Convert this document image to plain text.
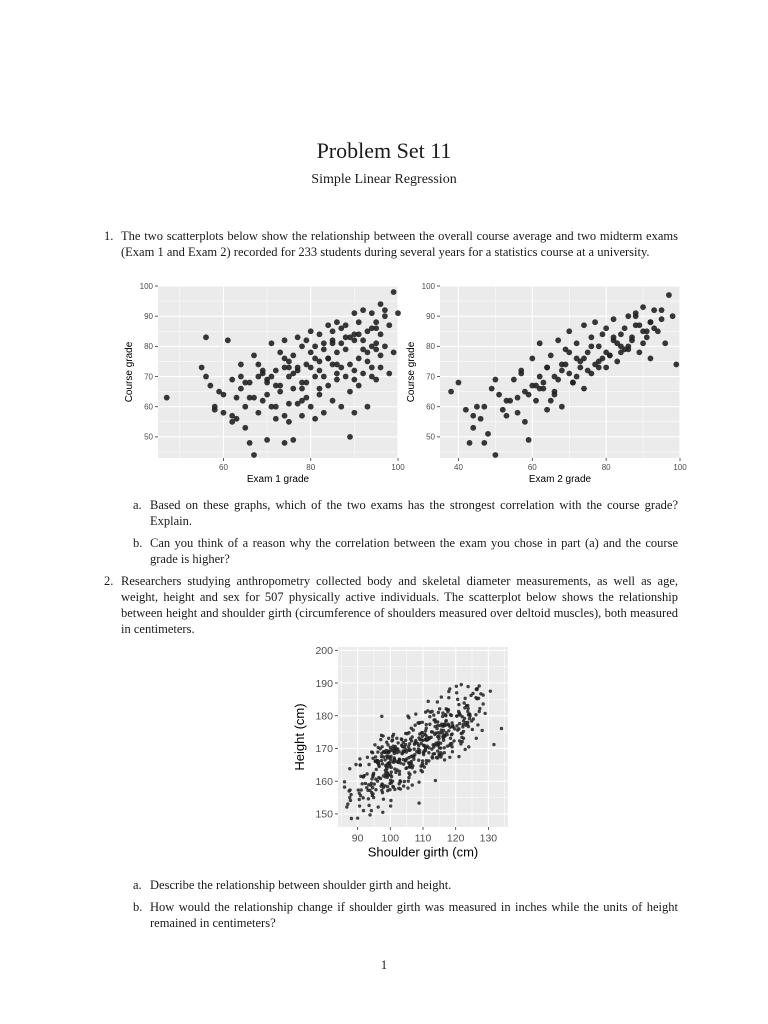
Problem Set 11
Simple Linear Regression
1. The two scatterplots below show the relationship between the overall course average and two midterm exams (Exam 1 and Exam 2) recorded for 233 students during several years for a statistics course at a university.
60	80	100
50
60
70
80
90
100
Exam 1 grade
Course grade
40	60	80	100
50
60
70
80
90
100
Exam 2 grade
Course grade
a. Based on these graphs, which of the two exams has the strongest correlation with the course grade? Explain.
b. Can you think of a reason why the correlation between the exam you chose in part (a) and the course grade is higher?
2. Researchers studying anthropometry collected body and skeletal diameter measurements, as well as age, weight, height and sex for 507 physically active individuals. The scatterplot below shows the relationship between height and shoulder girth (circumference of shoulders measured over deltoid muscles), both measured in centimeters.
90 100 110 120 130
150
160
170
180
190
200
Shoulder girth (cm)
Height (cm)
a. Describe the relationship between shoulder girth and height.
b. How would the relationship change if shoulder girth was measured in inches while the units of height remained in centimeters?
1
